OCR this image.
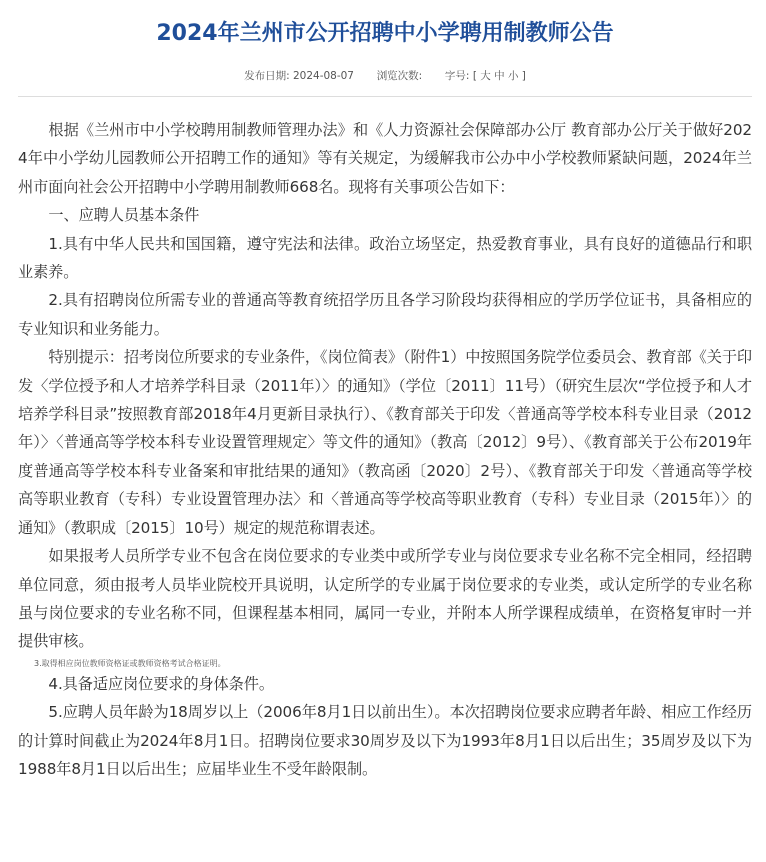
2024年兰州市公开招聘中小学聘用制教师公告
发布日期: 2024-08-07 浏览次数: 字号: [ 大 中 小 ]

根据《兰州市中小学校聘用制教师管理办法》和《人力资源社会保障部办公厅 教育部办公厅关于做好2024年中小学幼儿园教师公开招聘工作的通知》等有关规定，为缓解我市公办中小学校教师紧缺问题，2024年兰州市面向社会公开招聘中小学聘用制教师668名。现将有关事项公告如下：

一、应聘人员基本条件

1.具有中华人民共和国国籍，遵守宪法和法律。政治立场坚定，热爱教育事业，具有良好的道德品行和职业素养。

2.具有招聘岗位所需专业的普通高等教育统招学历且各学习阶段均获得相应的学历学位证书，具备相应的专业知识和业务能力。

特别提示：招考岗位所要求的专业条件，《岗位简表》（附件1）中按照国务院学位委员会、教育部《关于印发〈学位授予和人才培养学科目录（2011年）〉的通知》（学位〔2011〕11号）（研究生层次“学位授予和人才培养学科目录”按照教育部2018年4月更新目录执行）、《教育部关于印发〈普通高等学校本科专业目录（2012年）〉〈普通高等学校本科专业设置管理规定〉等文件的通知》（教高〔2012〕9号）、《教育部关于公布2019年度普通高等学校本科专业备案和审批结果的通知》（教高函〔2020〕2号）、《教育部关于印发〈普通高等学校高等职业教育（专科）专业设置管理办法〉和〈普通高等学校高等职业教育（专科）专业目录（2015年）〉的通知》（教职成〔2015〕10号）规定的规范称谓表述。

如果报考人员所学专业不包含在岗位要求的专业类中或所学专业与岗位要求专业名称不完全相同，经招聘单位同意，须由报考人员毕业院校开具说明，认定所学的专业属于岗位要求的专业类，或认定所学的专业名称虽与岗位要求的专业名称不同，但课程基本相同，属同一专业，并附本人所学课程成绩单，在资格复审时一并提供审核。

3.取得相应岗位教师资格证或教师资格考试合格证明。

4.具备适应岗位要求的身体条件。

5.应聘人员年龄为18周岁以上（2006年8月1日以前出生）。本次招聘岗位要求应聘者年龄、相应工作经历的计算时间截止为2024年8月1日。招聘岗位要求30周岁及以下为1993年8月1日以后出生；35周岁及以下为1988年8月1日以后出生；应届毕业生不受年龄限制。
